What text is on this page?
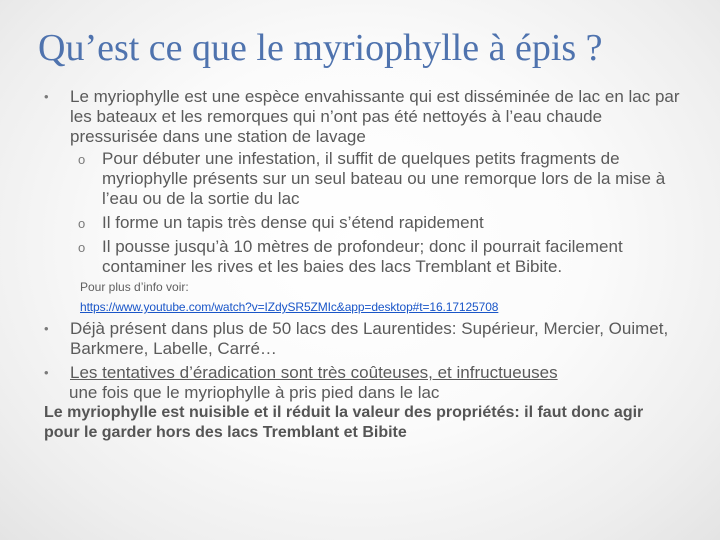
Qu’est ce que le myriophylle à épis ?
• Le myriophylle est une espèce envahissante qui est disséminée de lac en lac par les bateaux et les remorques qui n’ont pas été nettoyés à l’eau chaude pressurisée dans une station de lavage
o Pour débuter une infestation, il suffit de quelques petits fragments de myriophylle présents sur un seul bateau ou une remorque lors de la mise à l’eau ou de la sortie du lac
o Il forme un tapis très dense qui s’étend rapidement
o Il pousse jusqu’à 10 mètres de profondeur; donc il pourrait facilement contaminer les rives et les baies des lacs Tremblant et Bibite.
Pour plus d’info voir:
https://www.youtube.com/watch?v=IZdySR5ZMIc&app=desktop#t=16.17125708
• Déjà présent dans plus de 50 lacs des Laurentides: Supérieur, Mercier, Ouimet, Barkmere, Labelle, Carré…
• Les tentatives d’éradication sont très coûteuses, et infructueuses
une fois que le myriophylle à pris pied dans le lac
Le myriophylle est nuisible et il réduit la valeur des propriétés: il faut donc agir pour le garder hors des lacs Tremblant et Bibite
